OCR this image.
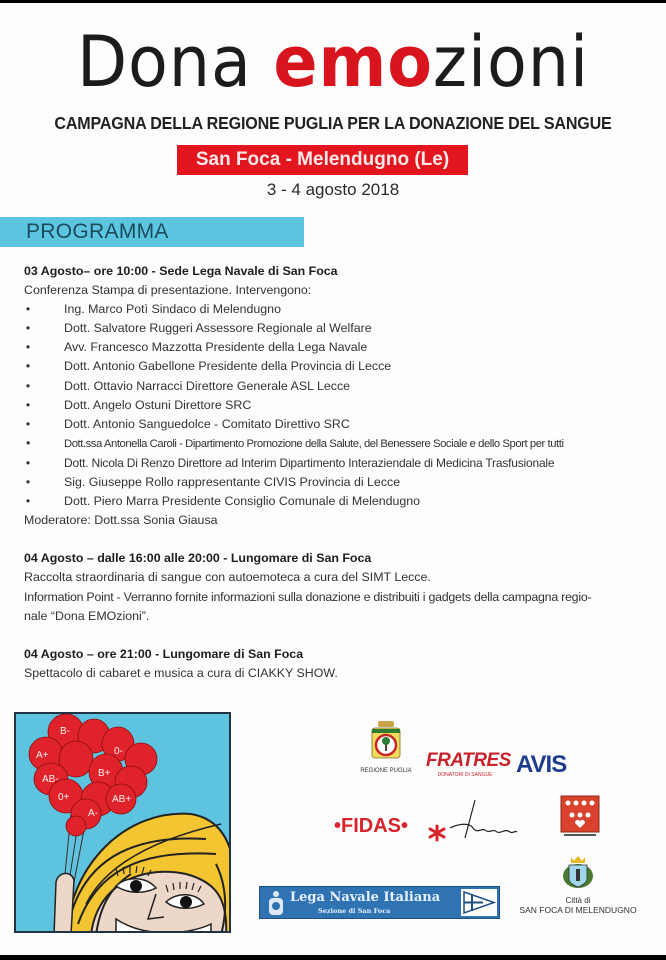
Dona emozioni
CAMPAGNA DELLA REGIONE PUGLIA PER LA DONAZIONE DEL SANGUE
San Foca - Melendugno (Le)
3 - 4 agosto 2018
PROGRAMMA
03 Agosto– ore 10:00 - Sede Lega Navale di San Foca
Conferenza Stampa di presentazione. Intervengono:
•	Ing. Marco Potì Sindaco di Melendugno
•	Dott. Salvatore Ruggeri Assessore Regionale al Welfare
•	Avv. Francesco Mazzotta Presidente della Lega Navale
•	Dott. Antonio Gabellone Presidente della Provincia di Lecce
•	Dott. Ottavio Narracci Direttore Generale ASL Lecce
•	Dott. Angelo Ostuni Direttore SRC
•	Dott. Antonio Sanguedolce - Comitato Direttivo SRC
•	Dott.ssa Antonella Caroli - Dipartimento Promozione della Salute, del Benessere Sociale e dello Sport per tutti
•	Dott. Nicola Di Renzo Direttore ad Interim Dipartimento Interaziendale di Medicina Trasfusionale
•	Sig. Giuseppe Rollo rappresentante CIVIS Provincia di Lecce
•	Dott. Piero Marra Presidente Consiglio Comunale di Melendugno
Moderatore: Dott.ssa Sonia Giausa
04 Agosto – dalle 16:00 alle 20:00 - Lungomare di San Foca
Raccolta straordinaria di sangue con autoemoteca a cura del SIMT Lecce.
Information Point - Verranno fornite informazioni sulla donazione e distribuiti i gadgets della campagna regio-
nale “Dona EMOzioni”.
04 Agosto – ore 21:00 - Lungomare di San Foca
Spettacolo di cabaret e musica a cura di CIAKKY SHOW.
B-
A+	0-
AB-
B+
0+	AB+
A-
REGIONE PUGLIA FRATRES
DONATORI DI SANGUE AVIS
•FIDAS•
Lega Navale Italiana
Sezione di San Foca
Città di
SAN FOCA DI MELENDUGNO
